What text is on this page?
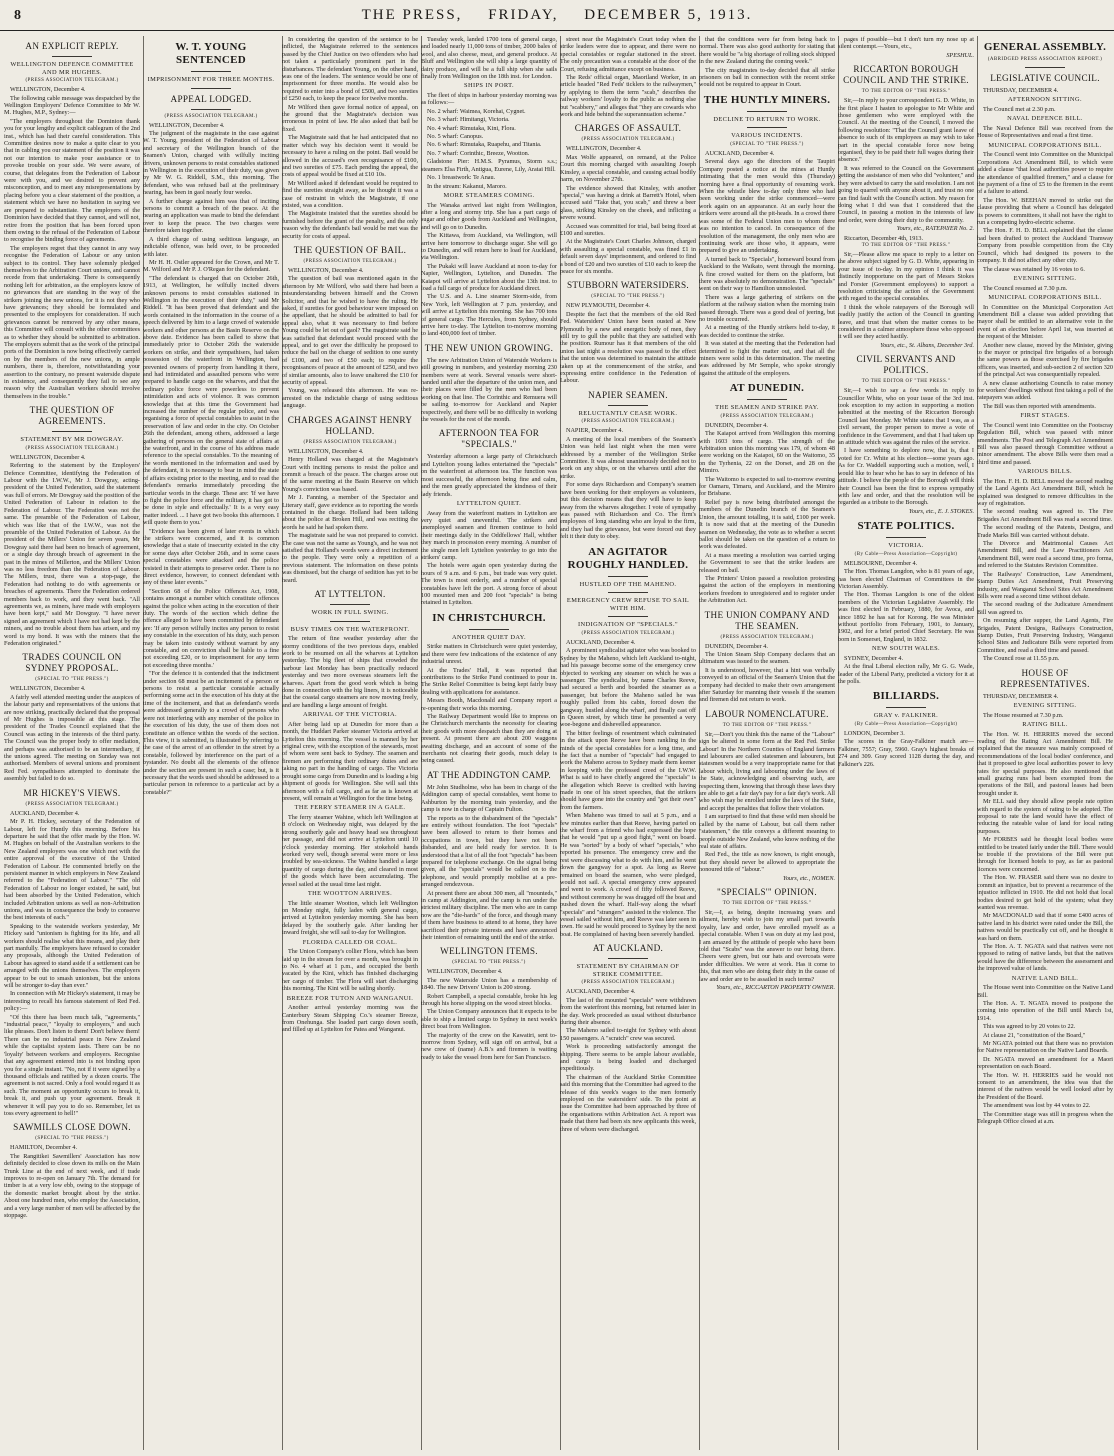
8	THE PRESS, FRIDAY, DECEMBER 5, 1913.
AN EXPLICIT REPLY.
WELLINGTON DEFENCE COMMITTEE AND MR HUGHES.
(PRESS ASSOCIATION TELEGRAM.)
WELLINGTON, December 4.
The following cable message was despatched by the Wellington Employers' Defence Committee to Mr W. M. Hughes, M.P., Sydney:—
"The employers throughout the Dominion thank you for your lengthy and explicit cablegram of the 2nd inst., which has had their careful consideration. This Committee desires now to make a quite clear to you that in cabling you our statement of the position it was not our intention to make your assistance or to provoke trouble on your side. We were aware, of course, that delegates from the Federation of Labour were with you, and we desired to prevent any misconception, and to meet any misrepresentations by placing before you a clear statement of the position, a statement which we have no hesitation in saying we are prepared to substantiate. The employers of the Dominion have decided that they cannot, and will not, retire from the position that has been forced upon them owing to the refusal of the Federation of Labour to recognise the binding force of agreements.
The employers regret that they cannot in any way recognise the Federation of Labour or any union subject to its control. They have solemnly pledged themselves to the Arbitration Court unions, and cannot recede from that undertaking. There is consequently nothing left for arbitration, as the employers know of no grievances that are standing in the way of the strikers joining the new unions, for it is not they who have grievances; they should be formulated and presented to the employers for consideration. If such grievances cannot be removed by any other means, this Committee will consult with the other committees as to whether they should be submitted to arbitration. The employers submit that as the work of the principal ports of the Dominion is now being effectively carried on by the members of the new unions, in ample numbers, there is, therefore, notwithstanding your assertion to the contrary, no present waterside dispute in existence, and consequently they fail to see any reason why the Australian workers should involve themselves in the trouble."
THE QUESTION OF AGREEMENTS.
STATEMENT BY MR DOWGRAY.
(PRESS ASSOCIATION TELEGRAM.)
WELLINGTON, December 4.
Referring to the statement by the Employers' Defence Committee, identifying the Federation of Labour with the I.W.W., Mr J. Dowgray, acting-president of the United Federation, said the statement was full of errors. Mr Dowgray said the position of the United Federation of Labour in relation to the Federation of Labour. The Federation was not the same. The preamble of the Federation of Labour, which was like that of the I.W.W., was not the preamble of the United Federation of Labour. As the president of the Millers' Union for seven years, Mr Dowgray said there had been no breach of agreement, or a single day through breach of agreement in the past in the mines of Millerton, and the Millers' Union was no less freedom than the Federation of Labour. The Millers, trust, there was a stop-page, the Federation had nothing to do with agreements or breaches of agreements. There the Federation ordered members back to work, and they went back. "All agreements we, as miners, have made with employers have been kept," said Mr Dowgray. "I have never signed an agreement which I have not had kept by the miners, and no trouble about them has arisen, and my word is my bond. It was with the miners that the Federation originated."
TRADES COUNCIL ON SYDNEY PROPOSAL.
(SPECIAL TO "THE PRESS.")
WELLINGTON, December 4.
A fairly well attended meeting under the auspices of the labour party and representatives of the unions that are now striking, practically declared that the proposal of Mr Hughes is impossible at this stage. The president of the Trades Council explained that the Council was acting in the interests of the third party. The Council was the proper body to offer mediation, and perhaps was authorised to be an intermediary, if the unions agreed. The meeting on Sunday was not authorised. Members of several unions and prominent Red Fed. sympathisers attempted to dominate the assembly but failed to do so.
MR HICKEY'S VIEWS.
(PRESS ASSOCIATION TELEGRAM.)
AUCKLAND, December 4.
Mr P. H. Hickey, secretary of the Federation of Labour, left for Huntly this morning. Before his departure he said that the offer made by the Hon. W. M. Hughes on behalf of the Australian workers to the New Zealand employers was one which met with the entire approval of the executive of the United Federation of Labour. He commented briefly on the persistent manner in which employers in New Zealand referred to the "Federation of Labour." "The old Federation of Labour no longer existed, he said, but had been absorbed by the United Federation, which included Arbitration unions as well as non-Arbitration unions, and was in consequence the body to conserve the best interests of each."
Speaking to the waterside workers yesterday, Mr Hickey said "unionism is fighting for its life, and all workers should realise what this means, and play their part manfully. The employers have refused to consider any proposals, although the United Federation of Labour has agreed to stand aside if a settlement can be arranged with the unions themselves. The employers appear to be out to smash unionism, but the unions will be stronger to-day than ever."
In connection with Mr Hickey's statement, it may be interesting to recall his famous statement of Red Fed. policy:—
"Of this there has been much talk, "agreements," "industrial peace," "loyalty to employers," and such like phrases. Don't listen to them! Don't believe them! There can be no industrial peace in New Zealand while the capitalist system lasts. There can be no 'loyalty' between workers and employers. Recognise that any agreement entered into is not binding upon you for a single instant. "No, not if it were signed by a thousand officials and ratified by a dozen courts. The agreement is not sacred. Only a fool would regard it as such. The moment an opportunity occurs to break it, break it, and push up your agreement. Break it whenever it will pay you to do so. Remember, let us toss every agreement to hell!"
SAWMILLS CLOSE DOWN.
(SPECIAL TO "THE PRESS.")
HAMILTON, December 4.
The Rangitikei Sawmillers' Association has now definitely decided to close down its mills on the Main Trunk Line at the end of next week, and if trade improves to re-open on January 7th. The demand for timber is at a very low ebb, owing to the stoppage of the domestic market brought about by the strike. About one hundred men, who employ the Association, and a very large number of men will be affected by the stoppage.
W. T. YOUNG SENTENCED
IMPRISONMENT FOR THREE MONTHS.
APPEAL LODGED.
(PRESS ASSOCIATION TELEGRAM.)
WELLINGTON, December 4.
The judgment of the magistrate in the case against W. T. Young, president of the Federation of Labour and secretary of the Wellington branch of the Seamen's Union, charged with wilfully inciting drivers, unknown persons to resist constables stationed in Wellington in the execution of their duty, was given by Mr W. G. Riddell, S.M., this morning. The defendant, who was refused bail at the preliminary hearing, has been in gaol nearly four weeks.
A further charge against him was that of inciting persons to commit a breach of the peace. At the hearing an application was made to bind the defendant over to keep the peace. The two charges were therefore taken together.
A third charge of using seditious language, an indictable offence, was held over, to be proceeded with later.
Mr H. H. Ostler appeared for the Crown, and Mr T. M. Wilford and Mr P. J. O'Regan for the defendant.
"The defendant is charged that on October 26th, 1913, at Wellington, he wilfully incited divers unknown persons to resist constables stationed in Wellington in the execution of their duty," said Mr Riddell. "It has been proved that defendant and the words contained in the information in the course of a speech delivered by him to a large crowd of waterside workers and other persons at the Basin Reserve on the above date. Evidence has been called to show that immediately prior to October 26th the waterside workers on strike, and their sympathisers, had taken possession of the waterfront in Wellington, had prevented owners of property from handling it there, and had intimidated and assaulted persons who were prepared to handle cargo on the wharves, and that the ordinary police force were powerless to prevent intimidation and acts of violence. It was common knowledge that at this time the Government had increased the number of the regular police, and was organising a force of special constables to assist in the preservation of law and order in the city. On October 26th the defendant, among others, addressed a large gathering of persons on the general state of affairs at the waterfront, and in the course of his address made reference to the special constables. To the meaning of the words mentioned in the information and used by the defendant, it is necessary to bear in mind the state of affairs existing prior to the meeting, and to read the defendant's remarks immediately preceding the particular words in the charge. These are: 'If we have to fight the police force and the military, it has got to be done in style and effectually.' It is a very easy matter indeed. ... I have got two books this afternoon. I will quote them to you.'
"Evidence has been given of later events in which the strikers were concerned, and it is common knowledge that a state of insecurity existed in the city for some days after October 26th, and in some cases special constables were attacked and the police resisted in their attempts to preserve order. There is no direct evidence, however, to connect defendant with any of these later events."
"Section 68 of the Police Offences Act, 1908, contains amongst a number which constitute offences against the police when acting in the execution of their duty. The words of the section which define the offence alleged to have been committed by defendant are: 'If any person wilfully incites any person to resist any constable in the execution of his duty, such person may be taken into custody without warrant by any constable, and on conviction shall be liable to a fine not exceeding £20, or to imprisonment for any term not exceeding three months.'
"For the defence it is contended that the indictment under section 68 must be an incitement of a person or persons to resist a particular constable actually performing some act in the execution of his duty at the time of the incitement, and that as defendant's words were addressed generally to a crowd of persons who were not interfering with any member of the police in the execution of his duty, the use of them does not constitute an offence within the words of the section. This view, it is submitted, is illustrated by referring to the case of the arrest of an offender in the street by a constable, followed by interference on the part of a bystander. No doubt all the elements of the offence under the section are present in such a case; but, is it necessary that the words used should be addressed to a particular person in reference to a particular act by a constable?"
In considering the question of the sentence to be inflicted, the Magistrate referred to the sentences passed by the Chief Justice on two offenders who had not taken a particularly prominent part in the disturbances. The defendant Young, on the other hand, was one of the leaders. The sentence would be one of imprisonment for three months. He would also be required to enter into a bond of £500, and two sureties of £250 each, to keep the peace for twelve months.
Mr Wilford then gave formal notice of appeal, on the ground that the Magistrate's decision was erroneous in point of law. He also asked that bail be fixed.
The Magistrate said that he had anticipated that no matter which way his decision went it would be necessary to have a ruling on the point. Bail would be allowed in the accused's own recognisance of £100, and two sureties of £75. Each pending the appeal, the costs of appeal would be fixed at £10 10s.
Mr Wilford asked if defendant would be required to find the sureties straight away, as he thought it was a case of restraint in which the Magistrate, if one existed, was a condition.
The Magistrate insisted that the sureties should be furnished before the grant of the penalty, and the only reason why the defendant's bail would be met was the security for costs of appeal.
THE QUESTION OF BAIL.
(PRESS ASSOCIATION TELEGRAM.)
WELLINGTON, December 4.
The question of bail was mentioned again in the afternoon by Mr Wilford, who said there had been a misunderstanding between himself and the Crown Solicitor, and that he wished to have the ruling. He asked, if sureties for good behaviour were imposed on the appellant, that he should be admitted to bail for appeal also, what it was necessary to find before Young could be let out of gaol? The magistrate said he was satisfied that defendant would proceed with the appeal, and to get over the difficulty he proposed to reduce the bail on the charge of sedition to one surety of £100, and two of £50 each; to require the recognisances of peace at the amount of £250, and two of similar amounts, also to leave unaltered the £10 for security of appeal.
Young, was released this afternoon. He was re-arrested on the indictable charge of using seditious language.
CHARGES AGAINST HENRY HOLLAND.
(PRESS ASSOCIATION TELEGRAM.)
WELLINGTON, December 4.
Henry Holland was charged at the Magistrate's Court with inciting persons to resist the police and commit a breach of the peace. The charges arose out of the same meeting at the Basin Reserve on which Young's conviction was based.
Mr J. Fanning, a member of the Spectator and Literary staff, gave evidence as to reporting the words contained in the charge. Holland had been talking about the police at Broken Hill, and was reciting the words he said he had spoken there.
The magistrate said he was not prepared to convict. The case was not the same as Young's, and he was not satisfied that Holland's words were a direct incitement to the people. They were only a repetition of a previous statement. The information on these points was dismissed, but the charge of sedition has yet to be heard.
AT LYTTELTON.
WORK IN FULL SWING.
BUSY TIMES ON THE WATERFRONT.
The return of fine weather yesterday after the stormy conditions of the two previous days, enabled work to be resumed on all the wharves at Lyttelton yesterday. The big fleet of ships that crowded the harbour last Monday has been practically reduced yesterday and two more overseas steamers left the wharves. Apart from the good work which is being done in connection with the big liners, it is noticeable that the coastal cargo steamers are now moving freely, and are handling a large amount of freight.
ARRIVAL OF THE VICTORIA.
After being laid up at Dunedin for more than a month, the Huddart Parker steamer Victoria arrived at Lyttelton this morning. The vessel is manned by her original crew, with the exception of the stewards, most of whom were sent back to Sydney. The seamen and firemen are performing their ordinary duties and are taking no part in the handling of cargo. The Victoria brought some cargo from Dunedin and is loading a big shipment of goods for Wellington. She will sail this afternoon with a full cargo, and as far as is known at present, will remain at Wellington for the time being.
THE FERRY STEAMER IN A GALE.
The ferry steamer Wahine, which left Wellington at 8 o'clock on Wednesday night, was delayed by the strong southerly gale and heavy head sea throughout her passage, and did not arrive at Lyttelton until 10 o'clock yesterday morning. Her stokehold hands worked very well, though several were more or less troubled by sea-sickness. The Wahine handled a large quantity of cargo during the day, and cleared in most of the goods which have been accumulating. The vessel sailed at the usual time last night.
THE WOOTTON ARRIVES.
The little steamer Wootton, which left Wellington on Monday night, fully laden with general cargo, arrived at Lyttelton yesterday morning. She has been delayed by the southerly gale. After landing her inward freight, she will sail to-day for Wellington.
FLORIDA CALLED OR COAL.
The Union Company's collier Flora, which has been laid up in the stream for over a month, was brought in to No. 4 wharf at 1 p.m., and occupied the berth vacated by the Kini, which has finished discharging her cargo of timber. The Flora will start discharging this morning. The Kini will be sailing shortly.
BREEZE FOR TUTON AND WANGANUI.
Another arrival yesterday morning was the Canterbury Steam Shipping Co.'s steamer Breeze, from Onehunga. She loaded part cargo down south, and filled up at Lyttelton for Patea and Wanganui.
Tuesday week, landed 1700 tons of general cargo, and loaded nearly 11,000 tons of timber, 2000 bales of wool, and also cheese, meat, and general produce. At Bluff and Wellington she will ship a large quantity of dairy produce, and will be a full ship when she sails finally from Wellington on the 18th inst. for London.
SHIPS IN PORT.
The fleet of ships in harbour yesterday morning was as follows:—
No. 2 wharf: Waimea, Korehai, Cygnet.
No. 3 wharf: Himitangi, Victoria.
No. 4 wharf: Rimutaka, Kini, Flora.
No. 5 wharf: Canopus.
No. 6 wharf: Rimutaka, Ruapehu, and Titania.
No. 7 wharf: Corinthic, Breeze, Wootton.
Gladstone Pier: H.M.S. Pyramus, Storm s.s.; steamers Elsa Firth, Antigua, Eurene, Lily, Aratai Hill.
No. 1 breastwork: Te Anau.
In the stream: Kakanui, Maroro.
MORE STEAMERS COMING.
The Wanaka arrived last night from Wellington, after a long and stormy trip. She has a part cargo of sugar and other goods from Auckland and Wellington, and will go on to Dunedin.
The Kittawa, from Auckland, via Wellington, will arrive here tomorrow to discharge sugar. She will go to Dunedin, and will return here to load for Auckland, via Wellington.
The Pukaki will leave Auckland at noon to-day for Napier, Wellington, Lyttelton, and Dunedin. The Kaiapoi will arrive at Lyttelton about the 13th inst. to load a full cargo of produce for Auckland direct.
The U.S. and A. Line steamer Storm-side, from New York, left Wellington at 7 p.m. yesterday, and will arrive at Lyttelton this morning. She has 700 tons of general cargo. The Hercules, from Sydney, should arrive here to-day. The Lyttelton to-morrow morning to land 400,000 feet of timber.
THE NEW UNION GROWING.
The new Arbitration Union of Waterside Workers is still growing in numbers, and yesterday morning 230 members were at work. Several vessels were short-handed until after the departure of the union men, and their places were filled by the men who had been working on that line. The Corinthic and Remuera will be sailing to-morrow for Auckland and Napier respectively, and there will be no difficulty in working the vessels for the rest of the month.
AFTERNOON TEA FOR "SPECIALS."
Yesterday afternoon a large party of Christchurch and Lyttelton young ladies entertained the "specials" on the waterfront at afternoon tea. The function was most successful, the afternoon being fine and calm, and the men greatly appreciated the kindness of their lady friends.
LYTTELTON QUIET.
Away from the waterfront matters in Lyttelton are very quiet and uneventful. The strikers and unemployed seamen and firemen continue to hold their meetings daily in the Oddfellows' Hall, whither they march in procession every morning. A number of the single men left Lyttelton yesterday to go into the strikers' camp.
The hotels were again open yesterday during the hours of 9 a.m. and 6 p.m., but trade was very quiet. The town is most orderly, and a number of special constables have left the port. A strong force of about 100 mounted men and 200 foot "specials" is being retained in Lyttelton.
IN CHRISTCHURCH.
ANOTHER QUIET DAY.
Strike matters in Christchurch were quiet yesterday, and there were few indications of the existence of any industrial unrest.
At the Trades' Hall, it was reported that contributions to the Strike Fund continued to pour in. The Strike Relief Committee is being kept fairly busy dealing with applications for assistance.
Messrs Booth, Macdonald and Company report a re-opening their works this morning.
The Railway Department would like to impress on the Christchurch merchants the necessity for clearing their goods with more despatch than they are doing at present. At present there are about 200 waggons awaiting discharge, and an account of some of the merchants not clearing their goods, much delay is being caused.
AT THE ADDINGTON CAMP.
Mr John Studholme, who has been in charge of the Addington camp of special constables, went home to Ashburton by the morning train yesterday, and the camp is now in charge of Captain Fulton.
The reports as to the disbandment of the "specials" are entirely without foundation. The foot "specials" have been allowed to return to their homes and occupations in town, but they have not been disbanded, and are held ready for service. It is understood that a list of all the foot "specials" has been prepared for telephone exchange. On the signal being given, all the "specials" would be called on to the telephone, and would promptly mobilise at a pre-arranged rendezvous.
At present there are about 300 men, all "mounteds," in camp at Addington, and the camp is run under the strictest military discipline. The men who are in camp now are the "die-hards" of the force, and though many of them have business to attend to at home, they have sacrificed their private interests and have announced their intention of remaining until the end of the strike.
WELLINGTON ITEMS.
(SPECIAL TO "THE PRESS.")
WELLINGTON, December 4.
The new Waterside Union has a membership of 1840. The new Drivers' Union is 200 strong.
Robert Campbell, a special constable, broke his leg through his horse slipping on the wood street blocks.
The Union Company announces that it expects to be able to ship a limited cargo to Sydney in next week's direct boat from Wellington.
The majority of the crew on the Kawatiri, sent to-morrow from Sydney, will sign off on arrival, but a new crew of (name) A.B.'s and firemen is waiting ready to take the vessel from here for San Francisco.
street near the Magistrate's Court today when the strike leaders were due to appear, and there were no special constables or regular stationed in the street. The only precaution was a constable at the door of the Court, refusing admittance except on business.
The Reds' official organ, Maoriland Worker, in an article headed "Red Feds' ticklers to the railwaymen," by applying to them the term "scab," describes the railway workers' loyalty to the public as nothing else but "scabbery," and alleges that "they are cowards who work and hide behind the superannuation scheme."
CHARGES OF ASSAULT.
(PRESS ASSOCIATION TELEGRAM.)
WELLINGTON, December 4.
Max Wolfe appeared, on remand, at the Police Court this morning charged with assaulting Joseph Kinsley, a special constable, and causing actual bodily harm, on November 27th.
The evidence showed that Kinsley, with another "special," was having a drink at Barrett's Hotel, when accused said "Take that, you scab," and threw a beer glass, striking Kinsley on the cheek, and inflicting a severe wound.
Accused was committed for trial, bail being fixed at £100 and sureties.
At the Magistrate's Court Charles Johnson, charged with assaulting a special constable, was fined £1 in default seven days' imprisonment, and ordered to find a bond of £20 and two sureties of £10 each to keep the peace for six months.
STUBBORN WATERSIDERS.
(SPECIAL TO "THE PRESS.")
NEW PLYMOUTH, December 4.
Despite the fact that the members of the old Red Fed. Watersiders' Union have been ousted at New Plymouth by a new and energetic body of men, they still try to gull the public that they are satisfied with the position. Rumour has it that members of the old union last night a resolution was passed to the effect that the union was determined to maintain the attitude taken up at the commencement of the strike, and expressing entire confidence in the Federation of Labour.
NAPIER SEAMEN.
RELUCTANTLY CEASE WORK.
(PRESS ASSOCIATION TELEGRAM.)
NAPIER, December 4.
A meeting of the local members of the Seamen's Union was held last night when the men were addressed by a member of the Wellington Strike Committee. It was almost unanimously decided not to work on any ships, or on the wharves until after the strike.
For some days Richardson and Company's seamen have been working for their employers as volunteers, but this decision means that they will have to keep away from the wharves altogether. I vote of sympathy was passed with Richardson and Co. The firm's employees of long standing who are loyal to the firm, and they had the grievance, but were forced out they felt it their duty to obey.
AN AGITATOR ROUGHLY HANDLED.
HUSTLED OFF THE MAHENO.
EMERGENCY CREW REFUSE TO SAIL WITH HIM.
INDIGNATION OF "SPECIALS."
(PRESS ASSOCIATION TELEGRAM.)
AUCKLAND, December 4.
A prominent syndicalist agitator who was booked to Sydney by the Maheno, which left Auckland to-night, had his passage become some of the emergency crew objected to working any steamer on which he was a passenger. The syndicalist, by name Charles Reeve, had secured a berth and boarded the steamer as a passenger, but before the Maheno sailed he was roughly pulled from his cabin, forced down the gangway, hustled along the wharf, and finally cast off in Queen street, by which time he presented a very woe-begone and dishevelled appearance.
The bitter feelings of resentment which culminated in the attack upon Reeve have been rankling in the minds of the special constables for a long time, and the fact that a number of "specials" had engaged to work the Maheno across to Sydney made them keener in keeping with the professed creed of the I.W.W. What is said to have chiefly angered the "specials" is the allegation which Reeve is credited with having made in one of his street speeches, that the strikers should have gone into the country and "got their own" from the farmers.
When Maheno was timed to sail at 5 p.m., and a few minutes earlier than that Reeve, having parted on the wharf from a friend who had expressed the hope that he would "put up a good fight," went on board. He was "sorted" by a body of wharf "specials," who reported his presence. The emergency crew and the rest were discussing what to do with him, and he went down the gangway for a spot. As long as Reeve remained on board the seamen, who were pledged, would not sail. A special emergency crew appeared and went to work. A crowd of fifty followed Reeve, and without ceremony he was dragged off the boat and pushed down the wharf. Half-way along the wharf "specials" and "strangers" assisted in the violence. The vessel sailed without him, and Reeve was later seen in town. He said he would proceed to Sydney by the next boat. He complained of having been severely handled.
AT AUCKLAND.
STATEMENT BY CHAIRMAN OF STRIKE COMMITTEE.
(PRESS ASSOCIATION TELEGRAM.)
AUCKLAND, December 4.
The last of the mounted "specials" were withdrawn from the waterfront this morning, but returned later in the day. Work proceeded as usual without disturbance during their absence.
The Maheno sailed to-night for Sydney with about 150 passengers. A "scratch" crew was secured.
Work is proceeding satisfactorily amongst the shipping. There seems to be ample labour available, and cargo is being loaded and discharged expeditiously.
The chairman of the Auckland Strike Committee said this morning that the Committee had agreed to the release of this week's wages to the men formerly employed on the watersiders' side. To the point at issue the Committee had been approached by three of the organisations within Arbitration Act. A report was made that there had been six new applicants this week, three of whom were discharged.
that the conditions were far from being back to normal. There was also good authority for stating that there would be "a big shortage of rolling stock shipped in the new Zealand during the coming week."
The city magistrates to-day decided that all strike prisoners on bail in connection with the recent strike would not be required to appear in Court.
THE HUNTLY MINERS.
DECLINE TO RETURN TO WORK.
VARIOUS INCIDENTS.
(SPECIAL TO "THE PRESS.")
AUCKLAND, December 4.
Several days ago the directors of the Taupiri Company posted a notice at the mines at Huntly intimating that the men would this (Thursday) morning have a final opportunity of resuming work. When the whistle blew to-day only three who had been working under the strike commenced—were work again on an appearance. At an early hour the strikers were around all the pit-heads. In a crowd there was some of the Federal Union men to whom there was no intention to cancel. In consequence of the resolution of the management, the only men who are continuing work are those who, it appears, were prepared to give an undertaking.
A turned back to "Specials", homeward bound from Auckland to the Waikato, went through the morning. A fine crowd waited for them on the platform, but there was absolutely no demonstration. The "specials" went on their way to Hamilton unmolested.
There was a large gathering of strikers on the platform at the railway station when the morning train passed through. There was a good deal of jeering, but no trouble occurred.
At a meeting of the Huntly strikers held to-day, it was decided to continue the strike.
It was stated at the meeting that the Federation had determined to fight the matter out, and that all the miners were solid in this determination. The meeting was addressed by Mr Semple, who spoke strongly against the attitude of the employers.
AT DUNEDIN.
THE SEAMEN AND STRIKE PAY.
(PRESS ASSOCIATION TELEGRAM.)
DUNEDIN, December 4.
The Kaiapoi arrived from Wellington this morning with 1603 tons of cargo. The strength of the Arbitration union this morning was 179, of whom 48 were working on the Kaiapoi, 60 on the Waitomo, 35 on the Tyrhenia, 22 on the Dorset, and 28 on the Mimiro.
The Waitomo is expected to sail to-morrow evening for Oamaru, Timaru, and Auckland, and the Mimiro for Brisbane.
Relief pay is now being distributed amongst the members of the Dunedin branch of the Seamen's Union, the amount totalling, it is said, £100 per week. It is now said that at the meeting of the Dunedin seamen on Wednesday, the vote as to whether a secret ballot should be taken on the question of a return to work was defeated.
At a mass meeting a resolution was carried urging the Government to see that the strike leaders are released on bail.
The Printers' Union passed a resolution protesting against the action of the employers in mentioning workers freedom to unregistered and to register under the Arbitration Act.
THE UNION COMPANY AND THE SEAMEN.
(PRESS ASSOCIATION TELEGRAM.)
DUNEDIN, December 4.
The Union Steam Ship Company declares that an ultimatum was issued to the seamen.
It is understood, however, that a hint was verbally conveyed to an official of the Seamen's Union that the company had decided to make their own arrangement after Saturday for manning their vessels if the seamen and firemen did not return to work.
LABOUR NOMENCLATURE.
TO THE EDITOR OF "THE PRESS."
Sir,—Don't you think this the name of the "Labour" sign be altered in some form at the Red Fed. Strike Labour! In the Northern Counties of England farmers and labourers are called statesmen and labourers, but statesmen would be a very inappropriate name for that labour which, living and labouring under the laws of the State, acknowledging and observing such, are respecting them, knowing that through these laws they are able to get a fair day's pay for a fair day's work. All who wish may be enrolled under the laws of the State, and accept the penalties that follow their violation.
I am surprised to find that these wild men should be called by the name of Labour, but call them rather "statesmen," the title conveys a different meaning to people outside New Zealand, who know nothing of the real state of affairs.
Red Fed., the title as now known, is right enough, but they should never be allowed to appropriate the honoured title of "labour."
Yours, etc., NOMEN.
"SPECIALS'" OPINION.
TO THE EDITOR OF "THE PRESS."
Sir,—I, as being, despite increasing years and ailment, hereby wish to join my small part towards loyalty, law and order, have enrolled myself as a special constable. When I was on duty at my last post, I am amazed by the attitude of people who have been told that "Scabs" was the answer to our being there. Cheers were given, but our hats and overcoats were under difficulties. We were at work. Has it come to this, that men who are doing their duty in the cause of law and order are to be assailed in such terms?
Yours, etc., RICCARTON PROPERTY OWNER.
pages if possible—but I don't turn my nose up at silent contempt.—Yours, etc.,
SPESHUL.
RICCARTON BOROUGH COUNCIL AND THE STRIKE.
TO THE EDITOR OF "THE PRESS."
Sir,—In reply to your correspondent G. D. White, in the first place I hasten to apologise to Mr White and those gentlemen who were employed with the Council. At the meeting of the Council, I moved the following resolution: "That the Council grant leave of absence to such of its employees as may wish to take part in the special constable force now being organised, they to be paid their full wages during their absence."
It was referred to the Council on the Government getting the assistance of men who did "volunteer," and they were advised to carry the said resolution. I am not going to quarrel with anyone about it, and trust no one can find fault with the Council's action. My reason for doing what I did was that I considered that the Council, in passing a motion in the interests of law and order, were doing their duty to the community.
Yours, etc., RATEPAYER No. 2.
Riccarton, December 4th, 1913.
TO THE EDITOR OF "THE PRESS."
Sir,—Please allow me space to reply to a letter on the above subject signed by G. D. White, appearing in your issue of to-day. In my opinion I think it was distinctly inopportune on the part of Messrs Stokes and Forster (Government employees) to support a resolution criticising the action of the Government with regard to the special constables.
I think the whole ratepayers of the Borough will readily justify the action of the Council in granting leave, and trust that when the matter comes to be considered in a calmer atmosphere those who opposed it will see they acted hastily.
Yours, etc., St. Albans, December 3rd.
CIVIL SERVANTS AND POLITICS.
TO THE EDITOR OF "THE PRESS."
Sir,—I wish to say a few words in reply to Councillor White, who on your issue of the 3rd inst. took exception to my action in supporting a motion submitted at the meeting of the Riccarton Borough Council last Monday. Mr White states that I was, as a civil servant, the proper person to move a vote of confidence in the Government, and that I had taken up an attitude which was against the rules of the service.
I have something to deplore now, that is, that I voted for Cr. White at his election—some years ago. As for Cr. Waddell supporting such a motion, well, I would like to hear who he has to say in defence of his attitude. I believe the people of the Borough will think their Council has been the first to express sympathy with law and order, and that the resolution will be regarded as a tribute to the Borough.
Yours, etc., E. J. STOKES.
STATE POLITICS.
VICTORIA.
(By Cable—Press Association—Copyright)
MELBOURNE, December 4.
The Hon. Thomas Langdon, who is 81 years of age, has been elected Chairman of Committees in the Victorian Assembly.
The Hon. Thomas Langdon is one of the oldest members of the Victorian Legislative Assembly. He was first elected in February, 1880, for Avoca, and since 1892 he has sat for Korong. He was Minister without portfolio from February, 1901, to January, 1902, and for a brief period Chief Secretary. He was born in Somerset, England, in 1832.
NEW SOUTH WALES.
SYDNEY, December 4.
At the final Liberal election rally, Mr G. G. Wade, leader of the Liberal Party, predicted a victory for it at the polls.
BILLIARDS.
GRAY v. FALKINER.
(By Cable—Press Association—Copyright)
LONDON, December 3.
The scores in the Gray-Falkiner match are—Falkiner, 7557; Gray, 5960. Gray's highest breaks of 274 and 309. Gray scored 1128 during the day, and Falkiner's 226.
GENERAL ASSEMBLY.
(ABRIDGED PRESS ASSOCIATION REPORT.)
LEGISLATIVE COUNCIL.
THURSDAY, DECEMBER 4.
AFTERNOON SITTING.
The Council met at 2.30 p.m.
NAVAL DEFENCE BILL.
The Naval Defence Bill was received from the House of Representatives and read a first time.
MUNICIPAL CORPORATIONS BILL.
The Council went into Committee on the Municipal Corporations Act Amendment Bill, to which were added a clause "that local authorities power to require the attendance of qualified firemen," and a clause for the payment of a fine of £5 to the firemen in the event of a failure to attend.
The Hon. W. BEEHAN moved to strike out the clause providing that where a Council has delegated its powers to committees, it shall not have the right to run a competing hydro-electric scheme.
The Hon. F. H. D. BELL explained that the clause had been drafted to protect the Auckland Tramway Company from possible competition from the City Council, which had designed its powers to the company. It did not affect any other city.
The clause was retained by 16 votes to 6.
EVENING SITTING.
The Council resumed at 7.30 p.m.
MUNICIPAL CORPORATIONS BILL.
In Committee on the Municipal Corporation Act Amendment Bill a clause was added providing that mayor shall be entitled to an alternative vote in the event of an election before April 1st, was inserted at the request of the Minister.
Another new clause, moved by the Minister, giving to the mayor or principal fire brigades of a borough the same powers as those exercised by fire brigades officers, was inserted, and sub-section 2 of section 320 of the principal Act was consequentially repealed.
A new clause authorising Councils to raise money for workers' dwellings without first taking a poll of the ratepayers was added.
The Bill was then reported with amendments.
FIRST STAGES.
The Council went into Committee on the Footscray Regulation Bill, which was passed with minor amendments. The Post and Telegraph Act Amendment Bill was also passed through Committee without a minor amendment. The above Bills were then read a third time and passed.
VARIOUS BILLS.
The Hon. F. H. D. BELL moved the second reading of the Land Agents Act Amendment Bill, which he explained was designed to remove difficulties in the way of registration.
The second reading was agreed to. The Fire Brigades Act Amendment Bill was read a second time.
The second reading of the Patents, Designs, and Trade Marks Bill was carried without debate.
The Divorce and Matrimonial Causes Act Amendment Bill, and the Law Practitioners Act Amendment Bill, were read a second time, pro forma, and referred to the Statutes Revision Committee.
The Railways' Construction, Law Amendment, Stamp Duties Act Amendment, Fruit Preserving Industry, and Wanganui School Sites Act Amendment Bills were read a second time without debate.
The second reading of the Judicature Amendment Bill was agreed to.
On resuming after supper, the Land Agents, Fire Brigades, Patent Designs, Railways Construction, Stamp Duties, Fruit Preserving Industry, Wanganui School Sites and Judicature Bills were reported from Committee, and read a third time and passed.
The Council rose at 11.55 p.m.
HOUSE OF REPRESENTATIVES.
THURSDAY, DECEMBER 4.
EVENING SITTING.
The House resumed at 7.30 p.m.
RATING BILL.
The Hon. W. H. HERRIES moved the second reading of the Rating Act Amendment Bill. He explained that the measure was mainly composed of recommendations of the local bodies' conference, and that it proposed to give local authorities power to levy rates for special purposes. He also mentioned that small grazing runs had been exempted from the operations of the Bill, and pastoral leases had been brought under it.
Mr ELL said they should allow people rate option with regard to the system of rating to be adopted. The proposal to rate the land would have the effect of reducing the rateable value of land for local rating purposes.
Mr FORBES said he thought local bodies were entitled to be treated fairly under the Bill. There would be trouble if the provisions of the Bill were put through for licensed hotels to pay, as far as pastoral licences were concerned.
The Hon. W. FRASER said there was no desire to commit an injustice, but to prevent a recurrence of the injustice inflicted in 1910. He did not hold that local bodies desired to get hold of the system; what they wanted was revenue.
Mr MACDONALD said that if some £400 acres of native land in his district were rated under the Bill, the natives would be practically cut off, and he thought it was hard on them.
The Hon. A. T. NGATA said that natives were not opposed to rating of native lands, but that the natives would have the difference between the assessment and the improved value of lands.
NATIVE LAND BILL.
The House went into Committee on the Native Land Bill.
The Hon. A. T. NGATA moved to postpone the coming into operation of the Bill until March 1st, 1914.
This was agreed to by 20 votes to 22.
At clause 21, "constitution of the Board,"
Mr NGATA pointed out that there was no provision for Native representation on the Native Land Boards.
Dr. NGATA moved an amendment for a Maori representation on each Board.
The Hon. W. H. HERRIES said he would not consent to an amendment, the idea was that the interest of the natives would be well looked after by the President of the Board.
The amendment was lost by 44 votes to 22.
The Committee stage was still in progress when the Telegraph Office closed at a.m.
